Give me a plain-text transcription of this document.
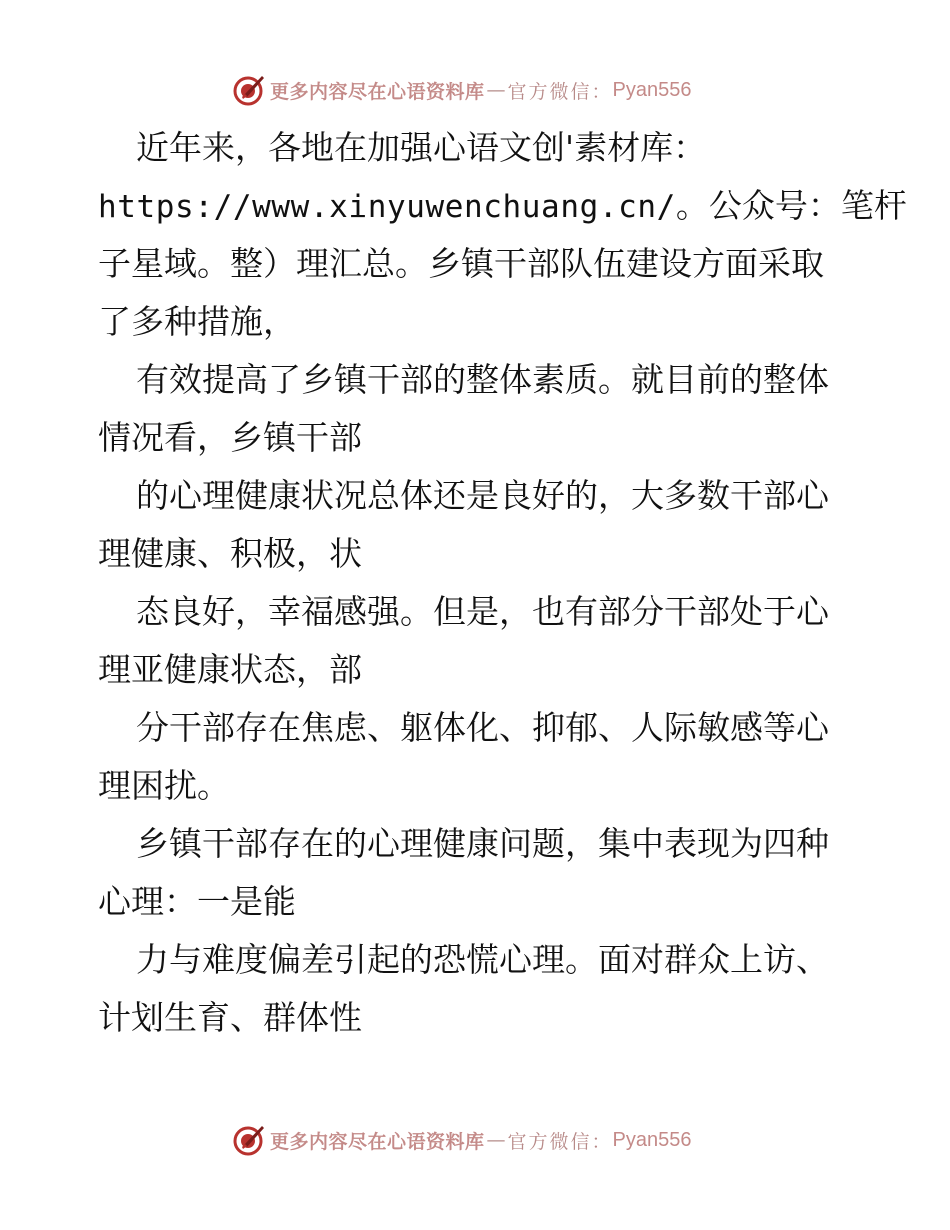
更多内容尽在心语资料库 — 官方微信： Pyan556
近年来，各地在加强心语文创'素材库：
https://www.xinyuwenchuang.cn/。公众号：笔杆
子星域。整）理汇总。乡镇干部队伍建设方面采取
了多种措施，
有效提高了乡镇干部的整体素质。就目前的整体
情况看，乡镇干部
的心理健康状况总体还是良好的，大多数干部心
理健康、积极，状
态良好，幸福感强。但是，也有部分干部处于心
理亚健康状态，部
分干部存在焦虑、躯体化、抑郁、人际敏感等心
理困扰。
乡镇干部存在的心理健康问题，集中表现为四种
心理：一是能
力与难度偏差引起的恐慌心理。面对群众上访、
计划生育、群体性
更多内容尽在心语资料库 — 官方微信： Pyan556
